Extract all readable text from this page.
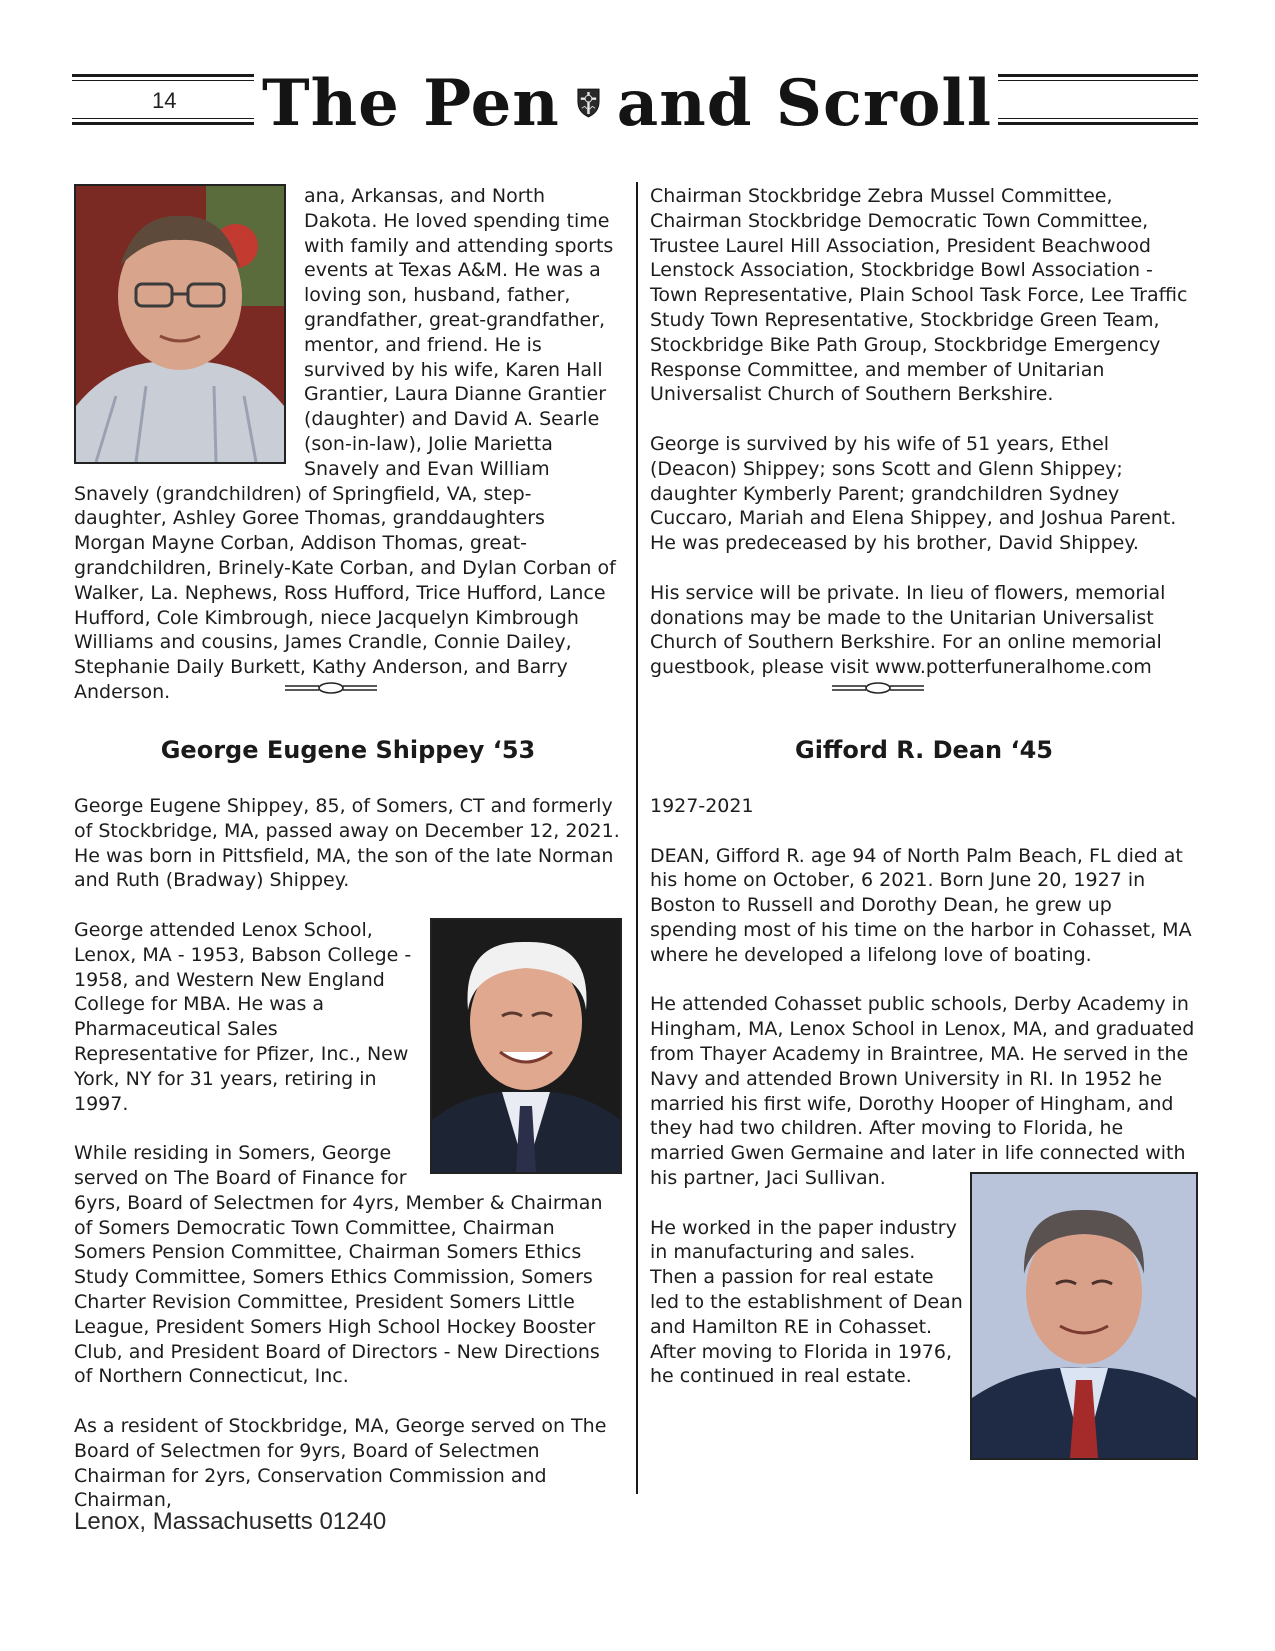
14 The Pen and Scroll

ana, Arkansas, and North Dakota. He loved spending time with family and attending sports events at Texas A&M. He was a loving son, husband, father, grandfather, great-grandfather, mentor, and friend. He is survived by his wife, Karen Hall Grantier, Laura Dianne Grantier (daughter) and David A. Searle (son-in-law), Jolie Marietta Snavely and Evan William Snavely (grandchildren) of Springfield, VA, step-daughter, Ashley Goree Thomas, granddaughters Morgan Mayne Corban, Addison Thomas, great-grandchildren, Brinely-Kate Corban, and Dylan Corban of Walker, La. Nephews, Ross Hufford, Trice Hufford, Lance Hufford, Cole Kimbrough, niece Jacquelyn Kimbrough Williams and cousins, James Crandle, Connie Dailey, Stephanie Daily Burkett, Kathy Anderson, and Barry Anderson.

George Eugene Shippey ‘53

George Eugene Shippey, 85, of Somers, CT and formerly of Stockbridge, MA, passed away on December 12, 2021. He was born in Pittsfield, MA, the son of the late Norman and Ruth (Bradway) Shippey.

George attended Lenox School, Lenox, MA - 1953, Babson College - 1958, and Western New England College for MBA. He was a Pharmaceutical Sales Representative for Pfizer, Inc., New York, NY for 31 years, retiring in 1997.

While residing in Somers, George served on The Board of Finance for 6yrs, Board of Selectmen for 4yrs, Member & Chairman of Somers Democratic Town Committee, Chairman Somers Pension Committee, Chairman Somers Ethics Study Committee, Somers Ethics Commission, Somers Charter Revision Committee, President Somers Little League, President Somers High School Hockey Booster Club, and President Board of Directors - New Directions of Northern Connecticut, Inc.

As a resident of Stockbridge, MA, George served on The Board of Selectmen for 9yrs, Board of Selectmen Chairman for 2yrs, Conservation Commission and Chairman,

Chairman Stockbridge Zebra Mussel Committee, Chairman Stockbridge Democratic Town Committee, Trustee Laurel Hill Association, President Beachwood Lenstock Association, Stockbridge Bowl Association - Town Representative, Plain School Task Force, Lee Traffic Study Town Representative, Stockbridge Green Team, Stockbridge Bike Path Group, Stockbridge Emergency Response Committee, and member of Unitarian Universalist Church of Southern Berkshire.

George is survived by his wife of 51 years, Ethel (Deacon) Shippey; sons Scott and Glenn Shippey; daughter Kymberly Parent; grandchildren Sydney Cuccaro, Mariah and Elena Shippey, and Joshua Parent. He was predeceased by his brother, David Shippey.

His service will be private. In lieu of flowers, memorial donations may be made to the Unitarian Universalist Church of Southern Berkshire. For an online memorial guestbook, please visit www.potterfuneralhome.com

Gifford R. Dean ‘45

1927-2021

DEAN, Gifford R. age 94 of North Palm Beach, FL died at his home on October, 6 2021. Born June 20, 1927 in Boston to Russell and Dorothy Dean, he grew up spending most of his time on the harbor in Cohasset, MA where he developed a lifelong love of boating.

He attended Cohasset public schools, Derby Academy in Hingham, MA, Lenox School in Lenox, MA, and graduated from Thayer Academy in Braintree, MA. He served in the Navy and attended Brown University in RI. In 1952 he married his first wife, Dorothy Hooper of Hingham, and they had two children. After moving to Florida, he married Gwen Germaine and later in life connected with his partner, Jaci Sullivan.

He worked in the paper industry in manufacturing and sales. Then a passion for real estate led to the establishment of Dean and Hamilton RE in Cohasset. After moving to Florida in 1976, he continued in real estate.

Lenox, Massachusetts 01240
